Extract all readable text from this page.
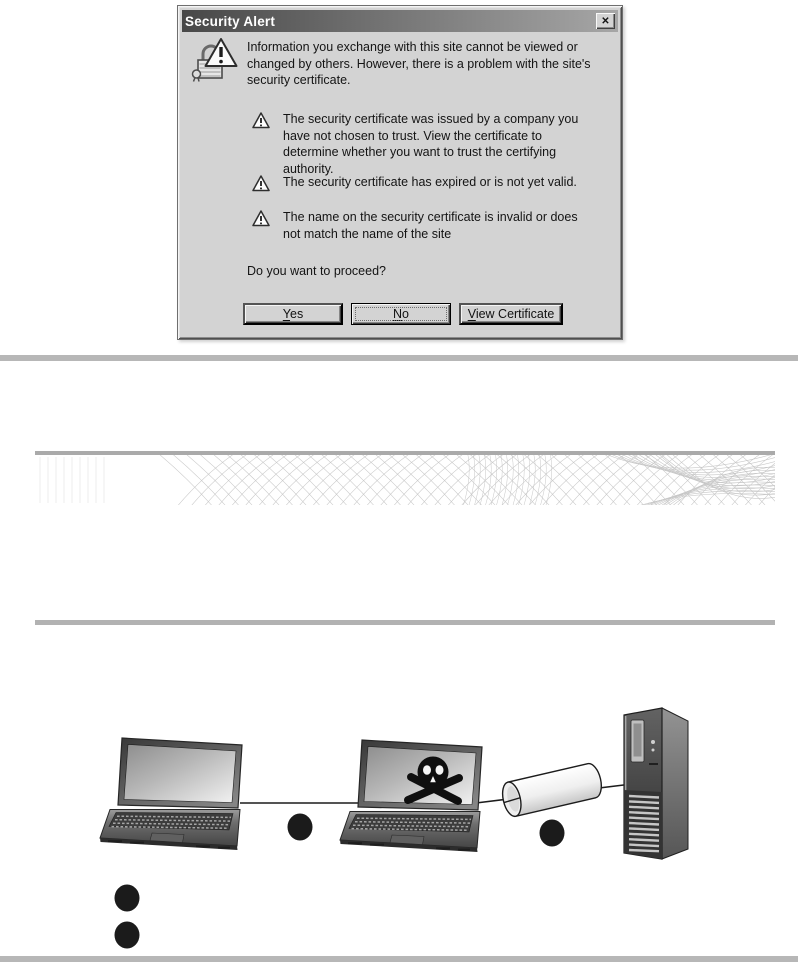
Security Alert	✕
Information you exchange with this site cannot be viewed or changed by others. However, there is a problem with the site's security certificate.
The security certificate was issued by a company you have not chosen to trust. View the certificate to determine whether you want to trust the certifying authority.
The security certificate has expired or is not yet valid.
The name on the security certificate is invalid or does not match the name of the site
Do you want to proceed?
Yes	No	View Certificate
